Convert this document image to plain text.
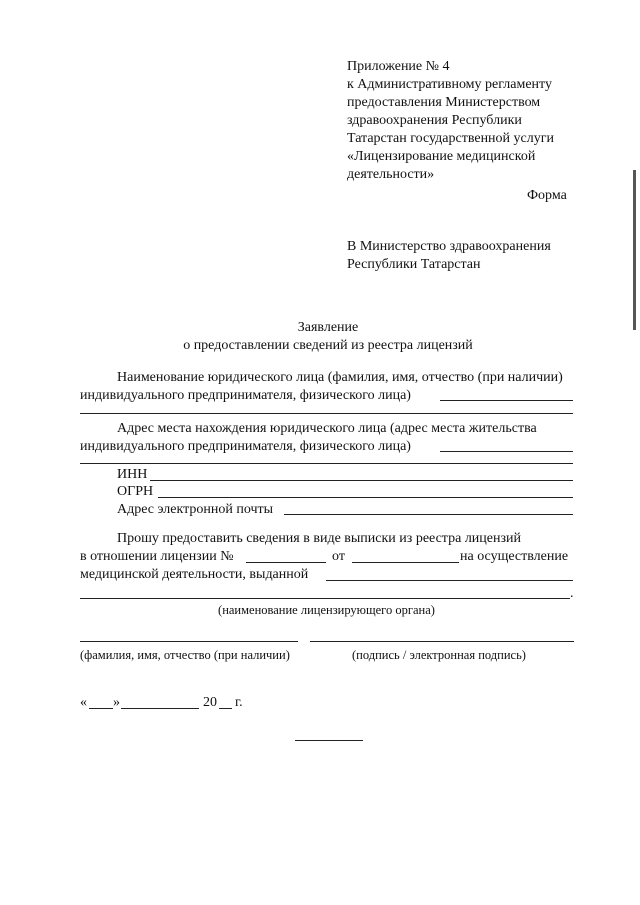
Приложение № 4
к Административному регламенту
предоставления Министерством
здравоохранения Республики
Татарстан государственной услуги
«Лицензирование медицинской
деятельности»
Форма
В Министерство здравоохранения
Республики Татарстан
Заявление
о предоставлении сведений из реестра лицензий
Наименование юридического лица (фамилия, имя, отчество (при наличии)
индивидуального предпринимателя, физического лица)
Адрес места нахождения юридического лица (адрес места жительства
индивидуального предпринимателя, физического лица)
ИНН
ОГРН
Адрес электронной почты
Прошу предоставить сведения в виде выписки из реестра лицензий
в отношении лицензии №	от	на осуществление
медицинской деятельности, выданной
.
(наименование лицензирующего органа)
(фамилия, имя, отчество (при наличии)	(подпись / электронная подпись)
« »	20 г.
